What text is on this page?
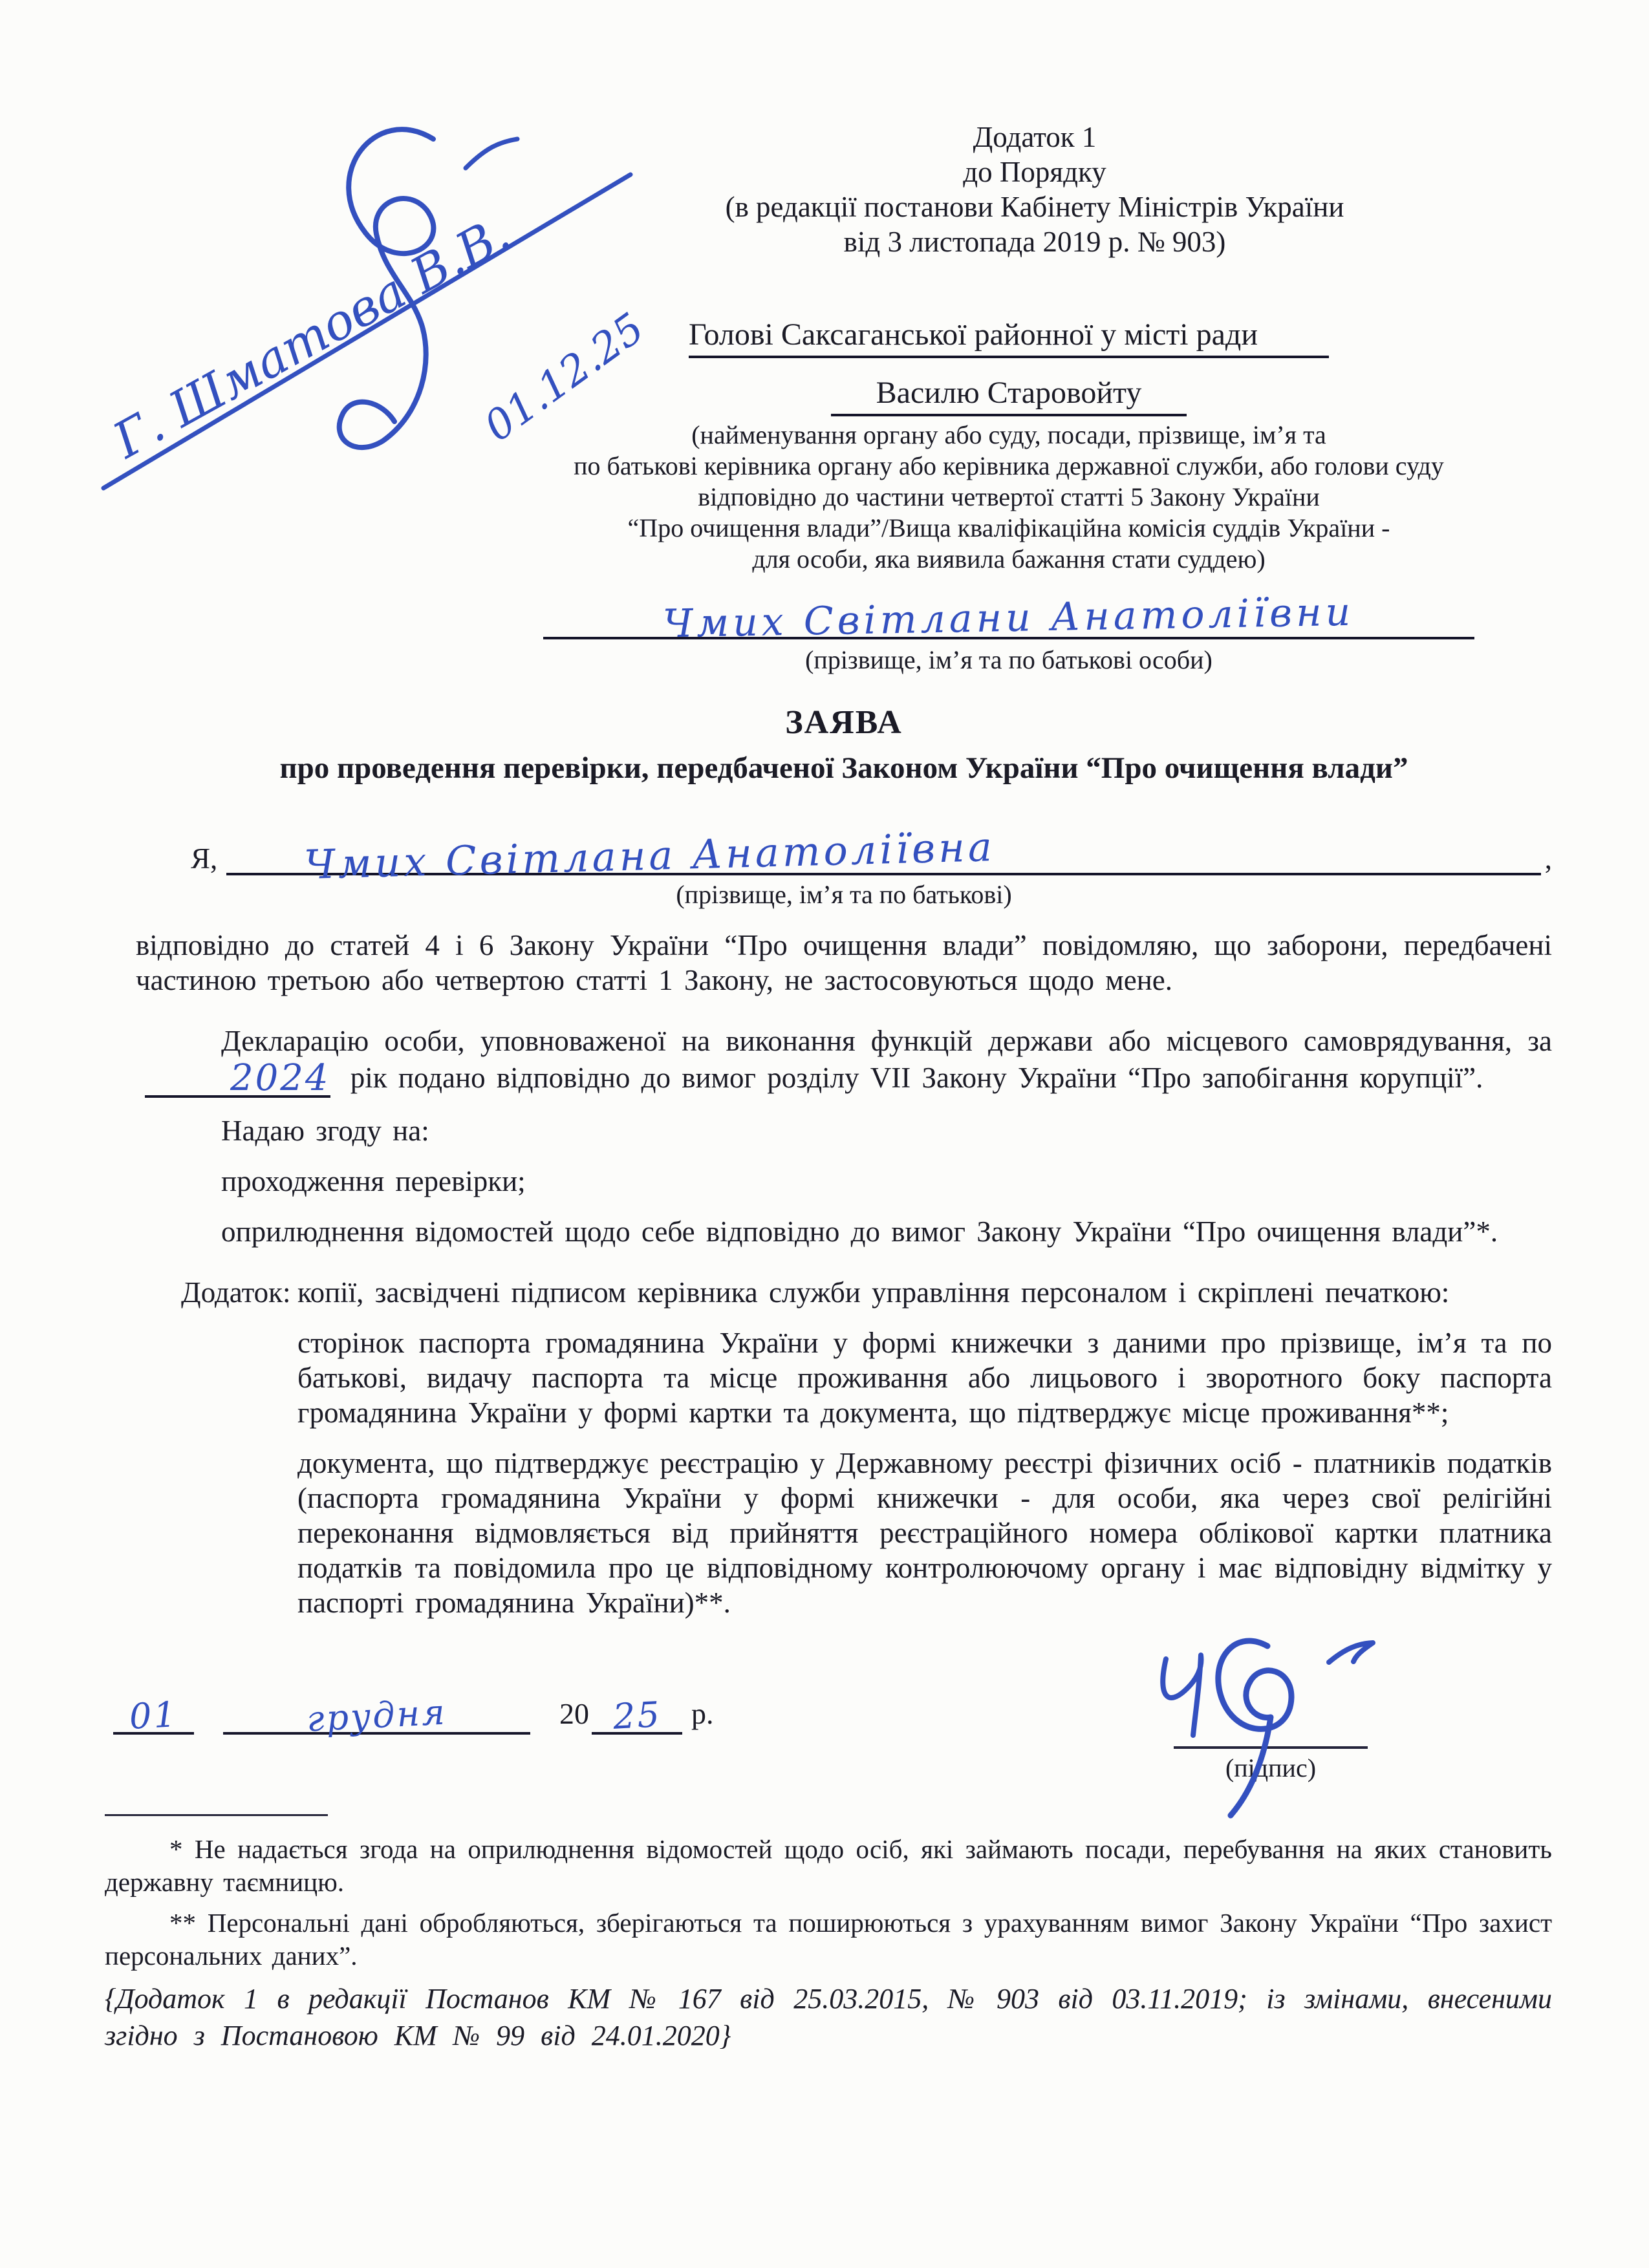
Г. Шматова В.В.
01.12.25
Додаток 1
до Порядку
(в редакції постанови Кабінету Міністрів України
від 3 листопада 2019 р. № 903)
Голові Саксаганської районної у місті ради
Василю Старовойту
(найменування органу або суду, посади, прізвище, ім’я та
по батькові керівника органу або керівника державної служби, або голови суду
відповідно до частини четвертої статті 5 Закону України
“Про очищення влади”/Вища кваліфікаційна комісія суддів України -
для особи, яка виявила бажання стати суддею)
Чмих Світлани Анатоліївни
(прізвище, ім’я та по батькові особи)
ЗАЯВА
про проведення перевірки, передбаченої Законом України “Про очищення влади”
Я,	Чмих Світлана Анатоліївна	,
(прізвище, ім’я та по батькові)

відповідно до статей 4 і 6 Закону України “Про очищення влади” повідомляю, що заборони, передбачені частиною третьою або четвертою статті 1 Закону, не застосовуються щодо мене.

Декларацію особи, уповноваженої на виконання функцій держави або місцевого самоврядування, за 2024 рік подано відповідно до вимог розділу VII Закону України “Про запобігання корупції”.

Надаю згоду на:

проходження перевірки;

оприлюднення відомостей щодо себе відповідно до вимог Закону України “Про очищення влади”*.

Додаток: копії, засвідчені підписом керівника служби управління персоналом і скріплені печаткою:

сторінок паспорта громадянина України у формі книжечки з даними про прізвище, ім’я та по батькові, видачу паспорта та місце проживання або лицьового і зворотного боку паспорта громадянина України у формі картки та документа, що підтверджує місце проживання**;

документа, що підтверджує реєстрацію у Державному реєстрі фізичних осіб - платників податків (паспорта громадянина України у формі книжечки - для особи, яка через свої релігійні переконання відмовляється від прийняття реєстраційного номера облікової картки платника податків та повідомила про це відповідному контролюючому органу і має відповідну відмітку у паспорті громадянина України)**.

01	грудня	20 25 р.
(підпис)

* Не надається згода на оприлюднення відомостей щодо осіб, які займають посади, перебування на яких становить державну таємницю.

** Персональні дані обробляються, зберігаються та поширюються з урахуванням вимог Закону України “Про захист персональних даних”.

{Додаток 1 в редакції Постанов КМ № 167 від 25.03.2015, № 903 від 03.11.2019; із змінами, внесеними згідно з Постановою КМ № 99 від 24.01.2020}
